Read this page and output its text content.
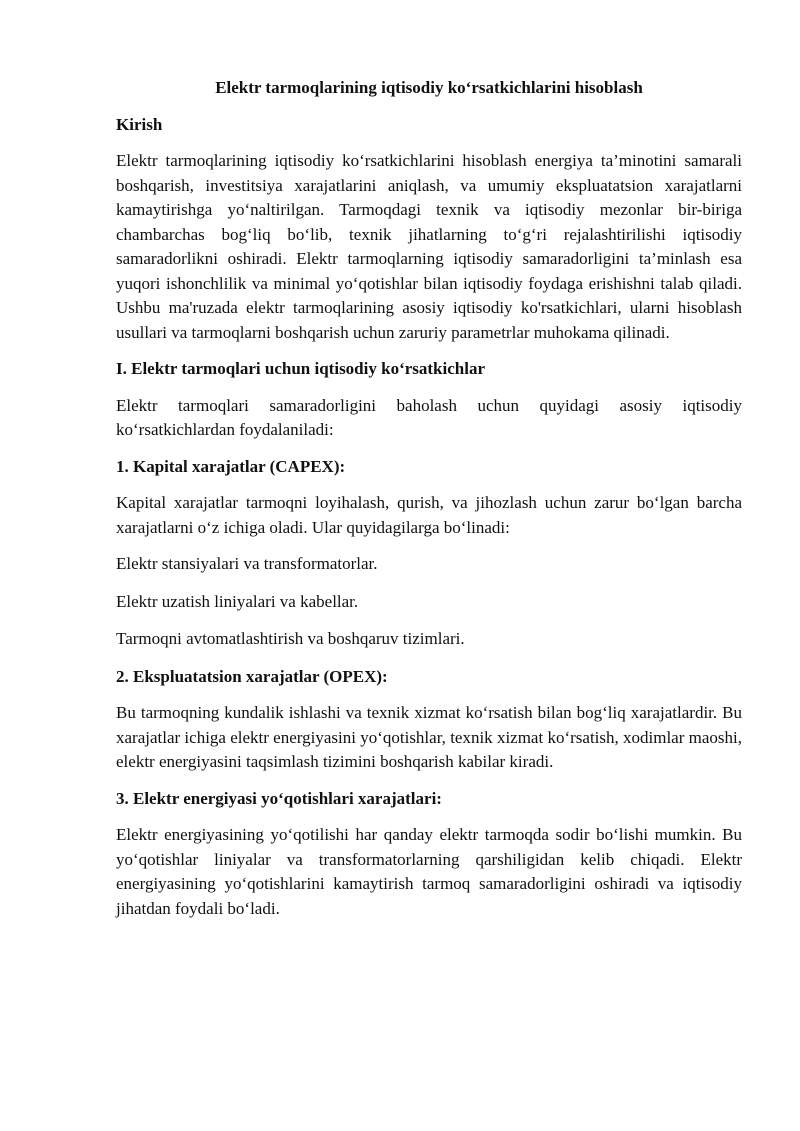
Elektr tarmoqlarining iqtisodiy ko‘rsatkichlarini hisoblash
Kirish
Elektr tarmoqlarining iqtisodiy ko‘rsatkichlarini hisoblash energiya ta’minotini samarali boshqarish, investitsiya xarajatlarini aniqlash, va umumiy ekspluatatsion xarajatlarni kamaytirishga yo‘naltirilgan. Tarmoqdagi texnik va iqtisodiy mezonlar bir-biriga chambarchas bog‘liq bo‘lib, texnik jihatlarning to‘g‘ri rejalashtirilishi iqtisodiy samaradorlikni oshiradi. Elektr tarmoqlarning iqtisodiy samaradorligini ta’minlash esa yuqori ishonchlilik va minimal yo‘qotishlar bilan iqtisodiy foydaga erishishni talab qiladi. Ushbu ma'ruzada elektr tarmoqlarining asosiy iqtisodiy ko'rsatkichlari, ularni hisoblash usullari va tarmoqlarni boshqarish uchun zaruriy parametrlar muhokama qilinadi.
I. Elektr tarmoqlari uchun iqtisodiy ko‘rsatkichlar
Elektr tarmoqlari samaradorligini baholash uchun quyidagi asosiy iqtisodiy ko‘rsatkichlardan foydalaniladi:
1. Kapital xarajatlar (CAPEX):
Kapital xarajatlar tarmoqni loyihalash, qurish, va jihozlash uchun zarur bo‘lgan barcha xarajatlarni o‘z ichiga oladi. Ular quyidagilarga bo‘linadi:
Elektr stansiyalari va transformatorlar.
Elektr uzatish liniyalari va kabellar.
Tarmoqni avtomatlashtirish va boshqaruv tizimlari.
2. Ekspluatatsion xarajatlar (OPEX):
Bu tarmoqning kundalik ishlashi va texnik xizmat ko‘rsatish bilan bog‘liq xarajatlardir. Bu xarajatlar ichiga elektr energiyasini yo‘qotishlar, texnik xizmat ko‘rsatish, xodimlar maoshi, elektr energiyasini taqsimlash tizimini boshqarish kabilar kiradi.
3. Elektr energiyasi yo‘qotishlari xarajatlari:
Elektr energiyasining yo‘qotilishi har qanday elektr tarmoqda sodir bo‘lishi mumkin. Bu yo‘qotishlar liniyalar va transformatorlarning qarshiligidan kelib chiqadi. Elektr energiyasining yo‘qotishlarini kamaytirish tarmoq samaradorligini oshiradi va iqtisodiy jihatdan foydali bo‘ladi.
